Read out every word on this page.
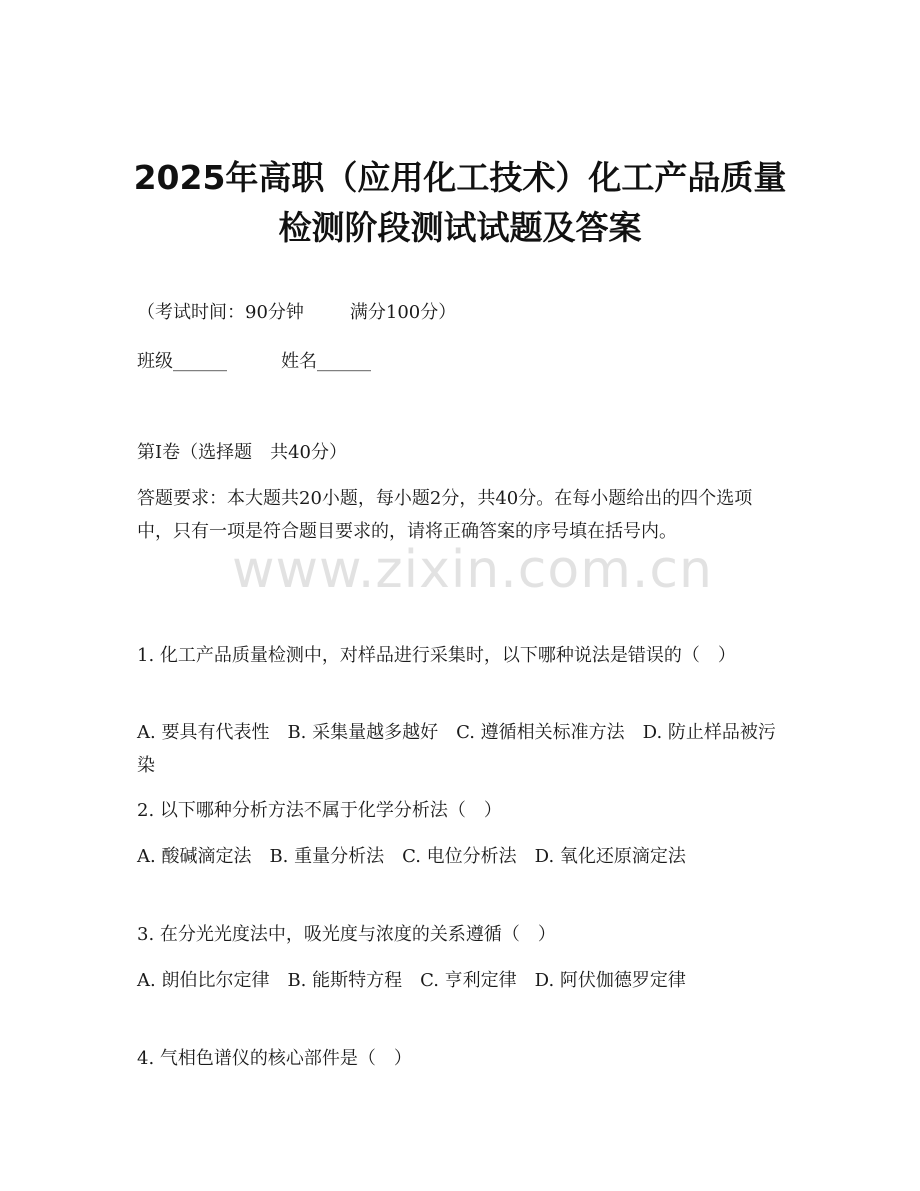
2025年高职（应用化工技术）化工产品质量
检测阶段测试试题及答案
（考试时间：90分钟	满分100分）
班级______	姓名______
第Ⅰ卷（选择题　共40分）
答题要求：本大题共20小题，每小题2分，共40分。在每小题给出的四个选项中，只有一项是符合题目要求的，请将正确答案的序号填在括号内。
1. 化工产品质量检测中，对样品进行采集时，以下哪种说法是错误的（　）
A. 要具有代表性　B. 采集量越多越好　C. 遵循相关标准方法　D. 防止样品被污染
2. 以下哪种分析方法不属于化学分析法（　）
A. 酸碱滴定法　B. 重量分析法　C. 电位分析法　D. 氧化还原滴定法
3. 在分光光度法中，吸光度与浓度的关系遵循（　）
A. 朗伯比尔定律　B. 能斯特方程　C. 亨利定律　D. 阿伏伽德罗定律
4. 气相色谱仪的核心部件是（　）
www.zixin.com.cn
